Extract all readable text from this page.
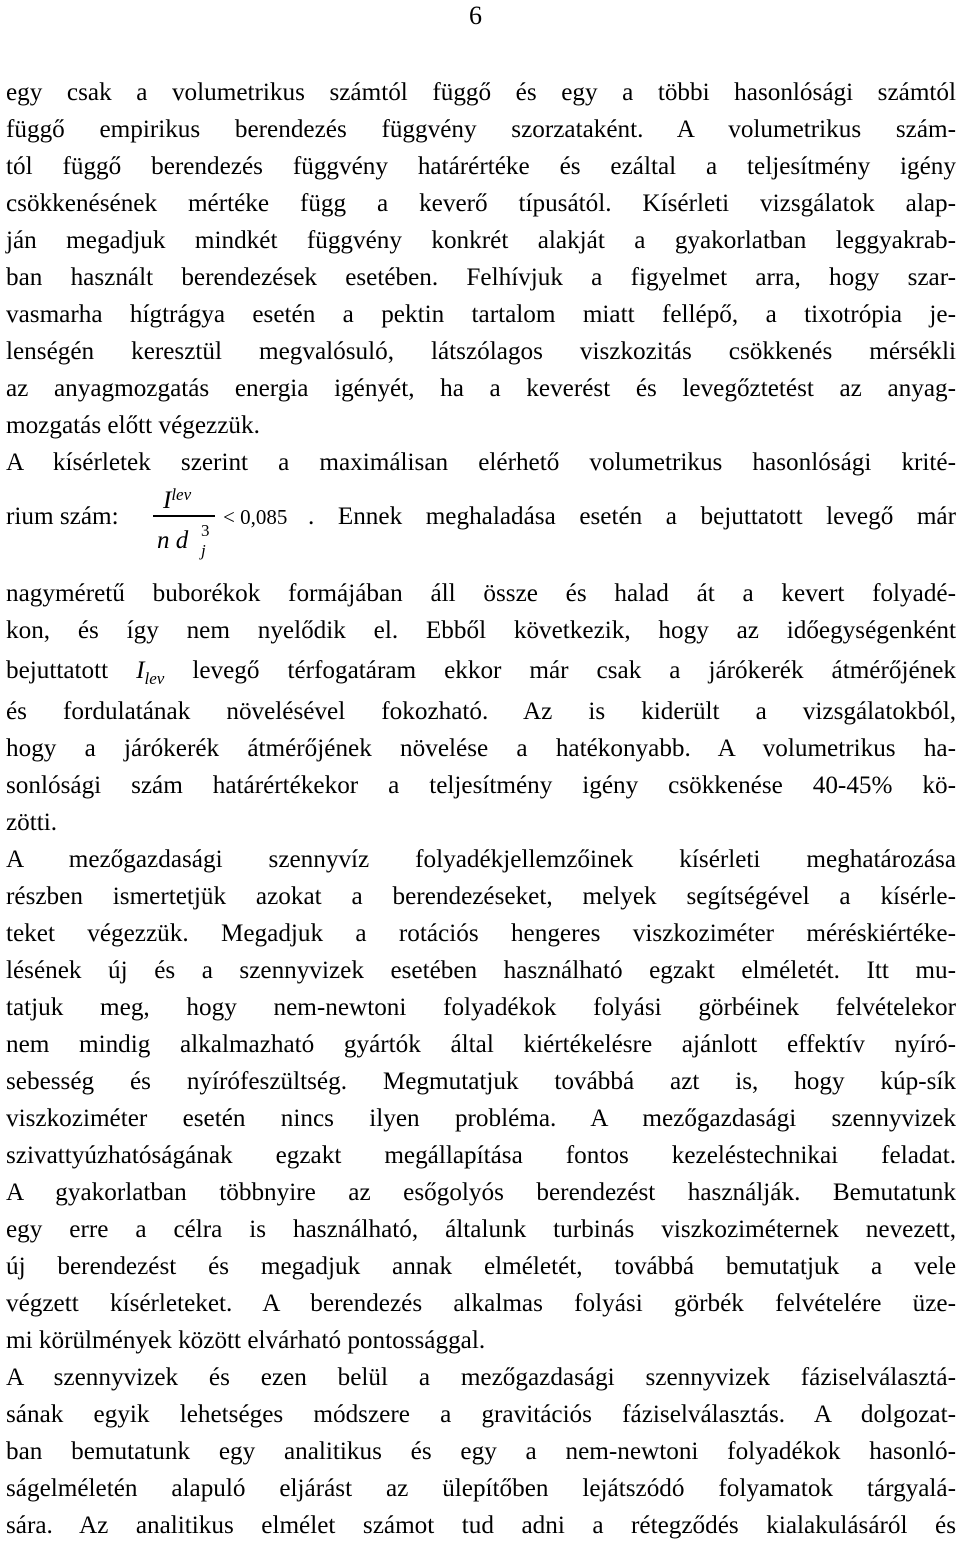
6
egy csak a volumetrikus számtól függő és egy a többi hasonlósági számtól
függő empirikus berendezés függvény szorzataként. A volumetrikus szám-
tól függő berendezés függvény határértéke és ezáltal a teljesítmény igény
csökkenésének mértéke függ a keverő típusától. Kísérleti vizsgálatok alap-
ján megadjuk mindkét függvény konkrét alakját a gyakorlatban leggyakrab-
ban használt berendezések esetében. Felhívjuk a figyelmet arra, hogy szar-
vasmarha hígtrágya esetén a pektin tartalom miatt fellépő, a tixotrópia je-
lenségén keresztül megvalósuló, látszólagos viszkozitás csökkenés mérsékli
az anyagmozgatás energia igényét, ha a keverést és levegőztetést az anyag-
mozgatás előtt végezzük.
A kísérletek szerint a maximálisan elérhető volumetrikus hasonlósági krité-
rium szám:
$I_{lev}$
n d 3
j
< 0,085 . Ennek meghaladása esetén a bejuttatott levegő már
nagyméretű buborékok formájában áll össze és halad át a kevert folyadé-
kon, és így nem nyelődik el. Ebből következik, hogy az időegységenként
bejuttatott $I_{lev}$ levegő térfogatáram ekkor már csak a járókerék átmérőjének
és fordulatának növelésével fokozható. Az is kiderült a vizsgálatokból,
hogy a járókerék átmérőjének növelése a hatékonyabb. A volumetrikus ha-
sonlósági szám határértékekor a teljesítmény igény csökkenése 40-45% kö-
zötti.
A mezőgazdasági szennyvíz folyadékjellemzőinek kísérleti meghatározása
részben ismertetjük azokat a berendezéseket, melyek segítségével a kísérle-
teket végezzük. Megadjuk a rotációs hengeres viszkoziméter méréskiértéke-
lésének új és a szennyvizek esetében használható egzakt elméletét. Itt mu-
tatjuk meg, hogy nem-newtoni folyadékok folyási görbéinek felvételekor
nem mindig alkalmazható gyártók által kiértékelésre ajánlott effektív nyíró-
sebesség és nyírófeszültség. Megmutatjuk továbbá azt is, hogy kúp-sík
viszkoziméter esetén nincs ilyen probléma. A mezőgazdasági szennyvizek
szivattyúzhatóságának egzakt megállapítása fontos kezeléstechnikai feladat.
A gyakorlatban többnyire az esőgolyós berendezést használják. Bemutatunk
egy erre a célra is használható, általunk turbinás viszkoziméternek nevezett,
új berendezést és megadjuk annak elméletét, továbbá bemutatjuk a vele
végzett kísérleteket. A berendezés alkalmas folyási görbék felvételére üze-
mi körülmények között elvárható pontossággal.
A szennyvizek és ezen belül a mezőgazdasági szennyvizek fáziselválasztá-
sának egyik lehetséges módszere a gravitációs fáziselválasztás. A dolgozat-
ban bemutatunk egy analitikus és egy a nem-newtoni folyadékok hasonló-
ságelméletén alapuló eljárást az ülepítőben lejátszódó folyamatok tárgyalá-
sára. Az analitikus elmélet számot tud adni a rétegződés kialakulásáról és
